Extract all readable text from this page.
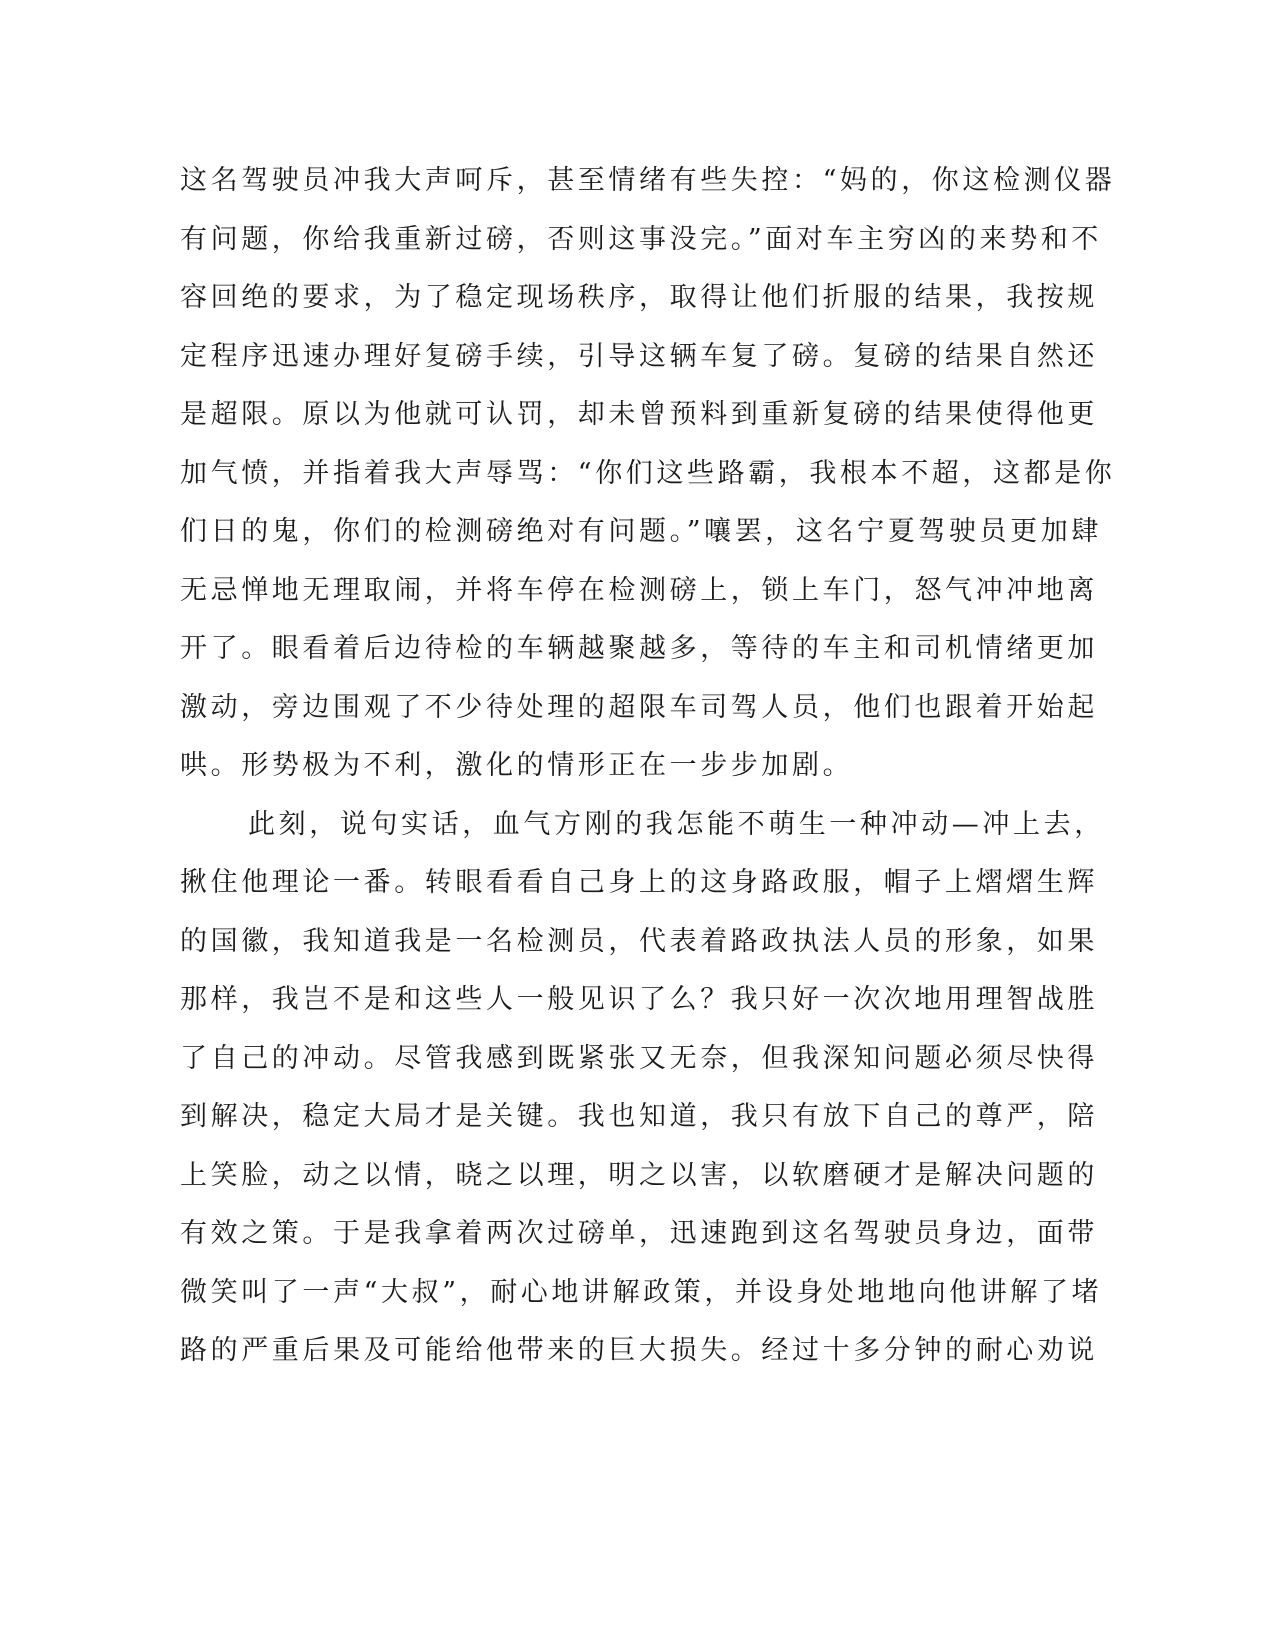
这名驾驶员冲我大声呵斥，甚至情绪有些失控：“妈的，你这检测仪器
有问题，你给我重新过磅，否则这事没完。”面对车主穷凶的来势和不
容回绝的要求，为了稳定现场秩序，取得让他们折服的结果，我按规
定程序迅速办理好复磅手续，引导这辆车复了磅。复磅的结果自然还
是超限。原以为他就可认罚，却未曾预料到重新复磅的结果使得他更
加气愤，并指着我大声辱骂：“你们这些路霸，我根本不超，这都是你
们日的鬼，你们的检测磅绝对有问题。”嚷罢，这名宁夏驾驶员更加肆
无忌惮地无理取闹，并将车停在检测磅上，锁上车门，怒气冲冲地离
开了。眼看着后边待检的车辆越聚越多，等待的车主和司机情绪更加
激动，旁边围观了不少待处理的超限车司驾人员，他们也跟着开始起
哄。形势极为不利，激化的情形正在一步步加剧。
此刻，说句实话，血气方刚的我怎能不萌生一种冲动—冲上去，
揪住他理论一番。转眼看看自己身上的这身路政服，帽子上熠熠生辉
的国徽，我知道我是一名检测员，代表着路政执法人员的形象，如果
那样，我岂不是和这些人一般见识了么？我只好一次次地用理智战胜
了自己的冲动。尽管我感到既紧张又无奈，但我深知问题必须尽快得
到解决，稳定大局才是关键。我也知道，我只有放下自己的尊严，陪
上笑脸，动之以情，晓之以理，明之以害，以软磨硬才是解决问题的
有效之策。于是我拿着两次过磅单，迅速跑到这名驾驶员身边，面带
微笑叫了一声“大叔”，耐心地讲解政策，并设身处地地向他讲解了堵
路的严重后果及可能给他带来的巨大损失。经过十多分钟的耐心劝说
